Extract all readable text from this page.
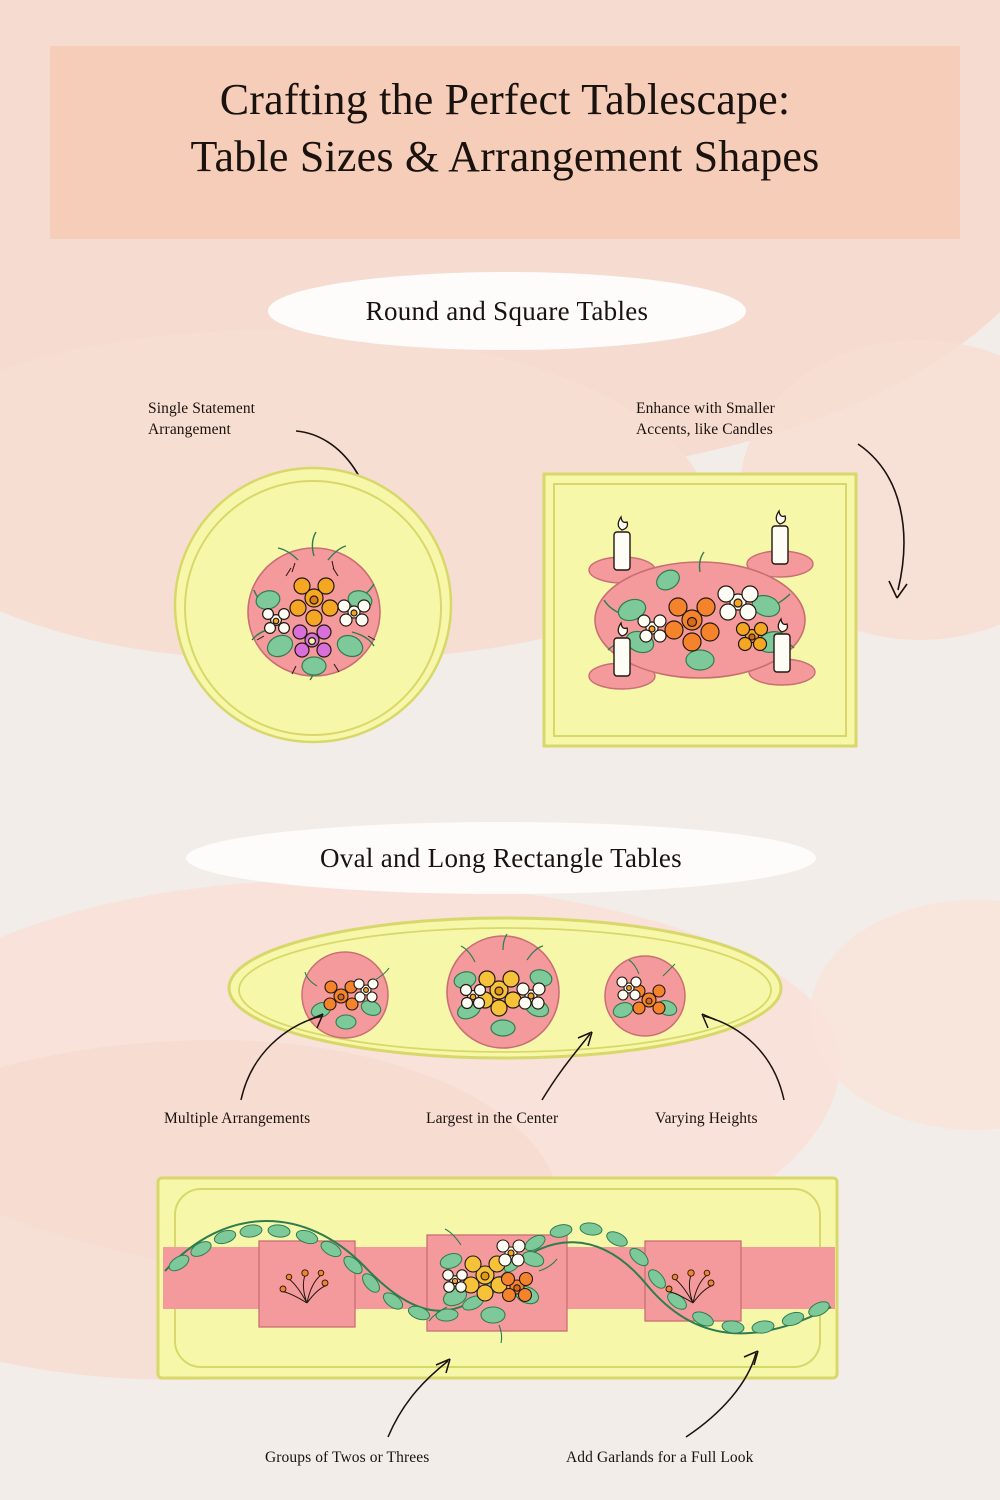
Crafting the Perfect Tablescape:
Table Sizes & Arrangement Shapes
Round and Square Tables
Single Statement
Arrangement
Enhance with Smaller
Accents, like Candles
Oval and Long Rectangle Tables
Multiple Arrangements	Largest in the Center	Varying Heights
Groups of Twos or Threes	Add Garlands for a Full Look
